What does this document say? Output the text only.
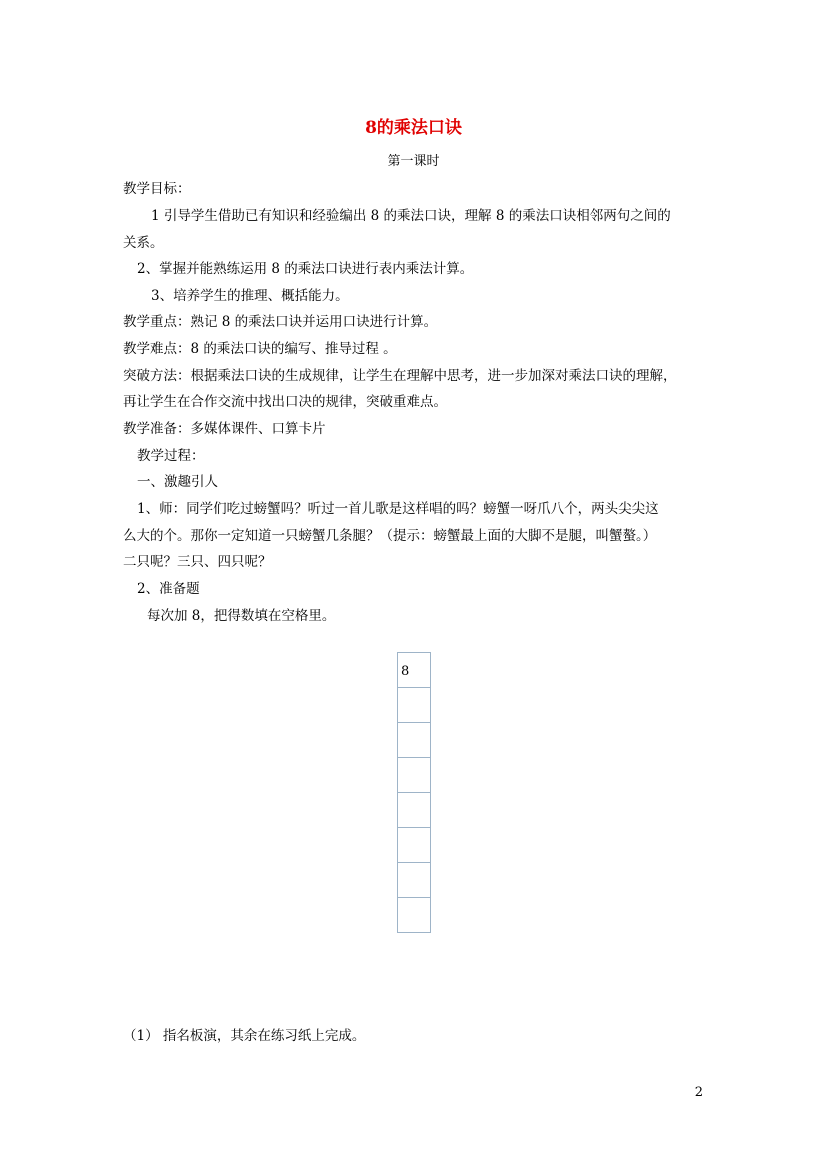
8的乘法口诀
第一课时
教学目标：
1 引导学生借助已有知识和经验编出 8 的乘法口诀，理解 8 的乘法口诀相邻两句之间的
关系。
2、掌握并能熟练运用 8 的乘法口诀进行表内乘法计算。
3、培养学生的推理、概括能力。
教学重点：熟记 8 的乘法口诀并运用口诀进行计算。
教学难点：8 的乘法口诀的编写、推导过程 。
突破方法：根据乘法口诀的生成规律，让学生在理解中思考，进一步加深对乘法口诀的理解，
再让学生在合作交流中找出口决的规律，突破重难点。
教学准备：多媒体课件、口算卡片
教学过程：
一、激趣引人
1、师：同学们吃过螃蟹吗？听过一首儿歌是这样唱的吗？螃蟹一呀爪八个，两头尖尖这
么大的个。那你一定知道一只螃蟹几条腿？（提示：螃蟹最上面的大脚不是腿，叫蟹螯。）
二只呢？三只、四只呢？
2、准备题
每次加 8，把得数填在空格里。
8
（1） 指名板演，其余在练习纸上完成。
2
